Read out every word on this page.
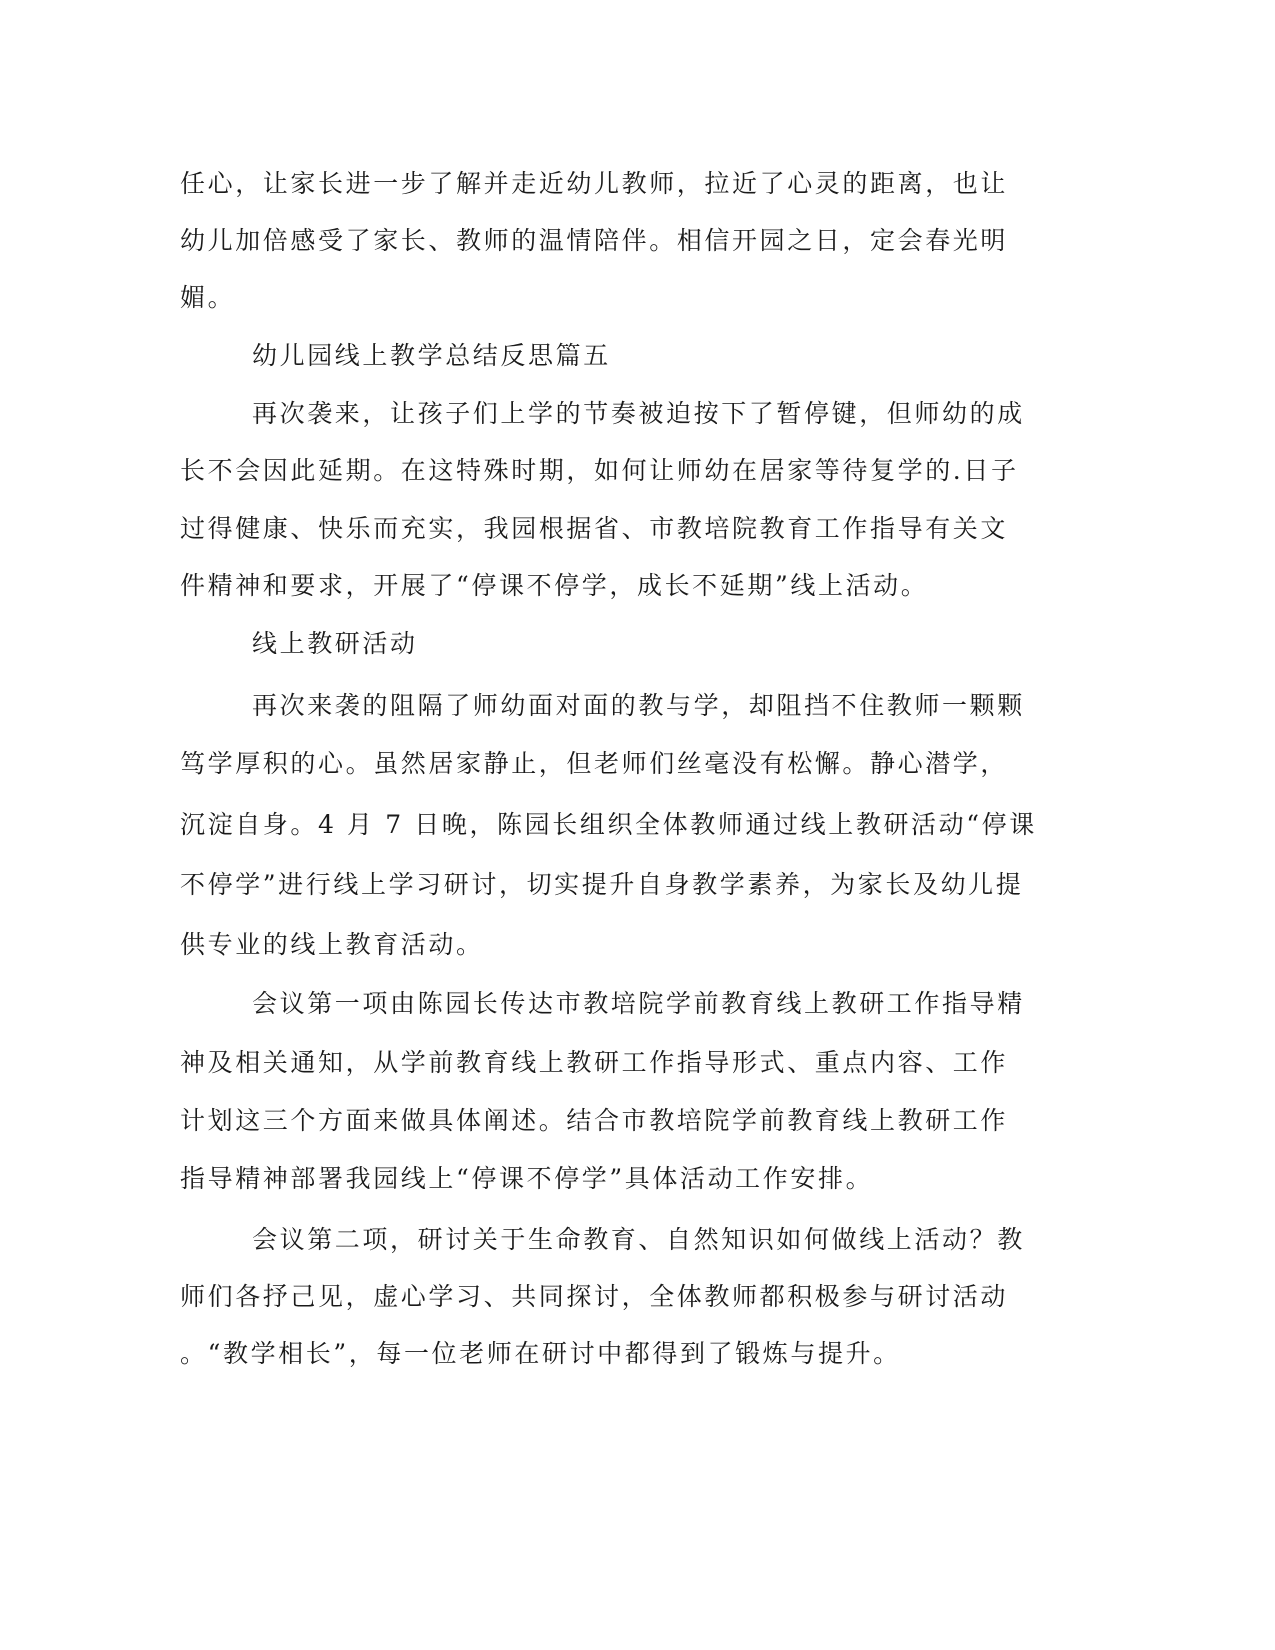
任心，让家长进一步了解并走近幼儿教师，拉近了心灵的距离，也让

幼儿加倍感受了家长、教师的温情陪伴。相信开园之日，定会春光明

媚。

幼儿园线上教学总结反思篇五

再次袭来，让孩子们上学的节奏被迫按下了暂停键，但师幼的成

长不会因此延期。在这特殊时期，如何让师幼在居家等待复学的.日子

过得健康、快乐而充实，我园根据省、市教培院教育工作指导有关文

件精神和要求，开展了“停课不停学，成长不延期”线上活动。

线上教研活动

再次来袭的阻隔了师幼面对面的教与学，却阻挡不住教师一颗颗

笃学厚积的心。虽然居家静止，但老师们丝毫没有松懈。静心潜学，

沉淀自身。4 月 7 日晚，陈园长组织全体教师通过线上教研活动“停课

不停学”进行线上学习研讨，切实提升自身教学素养，为家长及幼儿提

供专业的线上教育活动。

会议第一项由陈园长传达市教培院学前教育线上教研工作指导精

神及相关通知，从学前教育线上教研工作指导形式、重点内容、工作

计划这三个方面来做具体阐述。结合市教培院学前教育线上教研工作

指导精神部署我园线上“停课不停学”具体活动工作安排。

会议第二项，研讨关于生命教育、自然知识如何做线上活动？教

师们各抒己见，虚心学习、共同探讨，全体教师都积极参与研讨活动

。“教学相长”，每一位老师在研讨中都得到了锻炼与提升。
